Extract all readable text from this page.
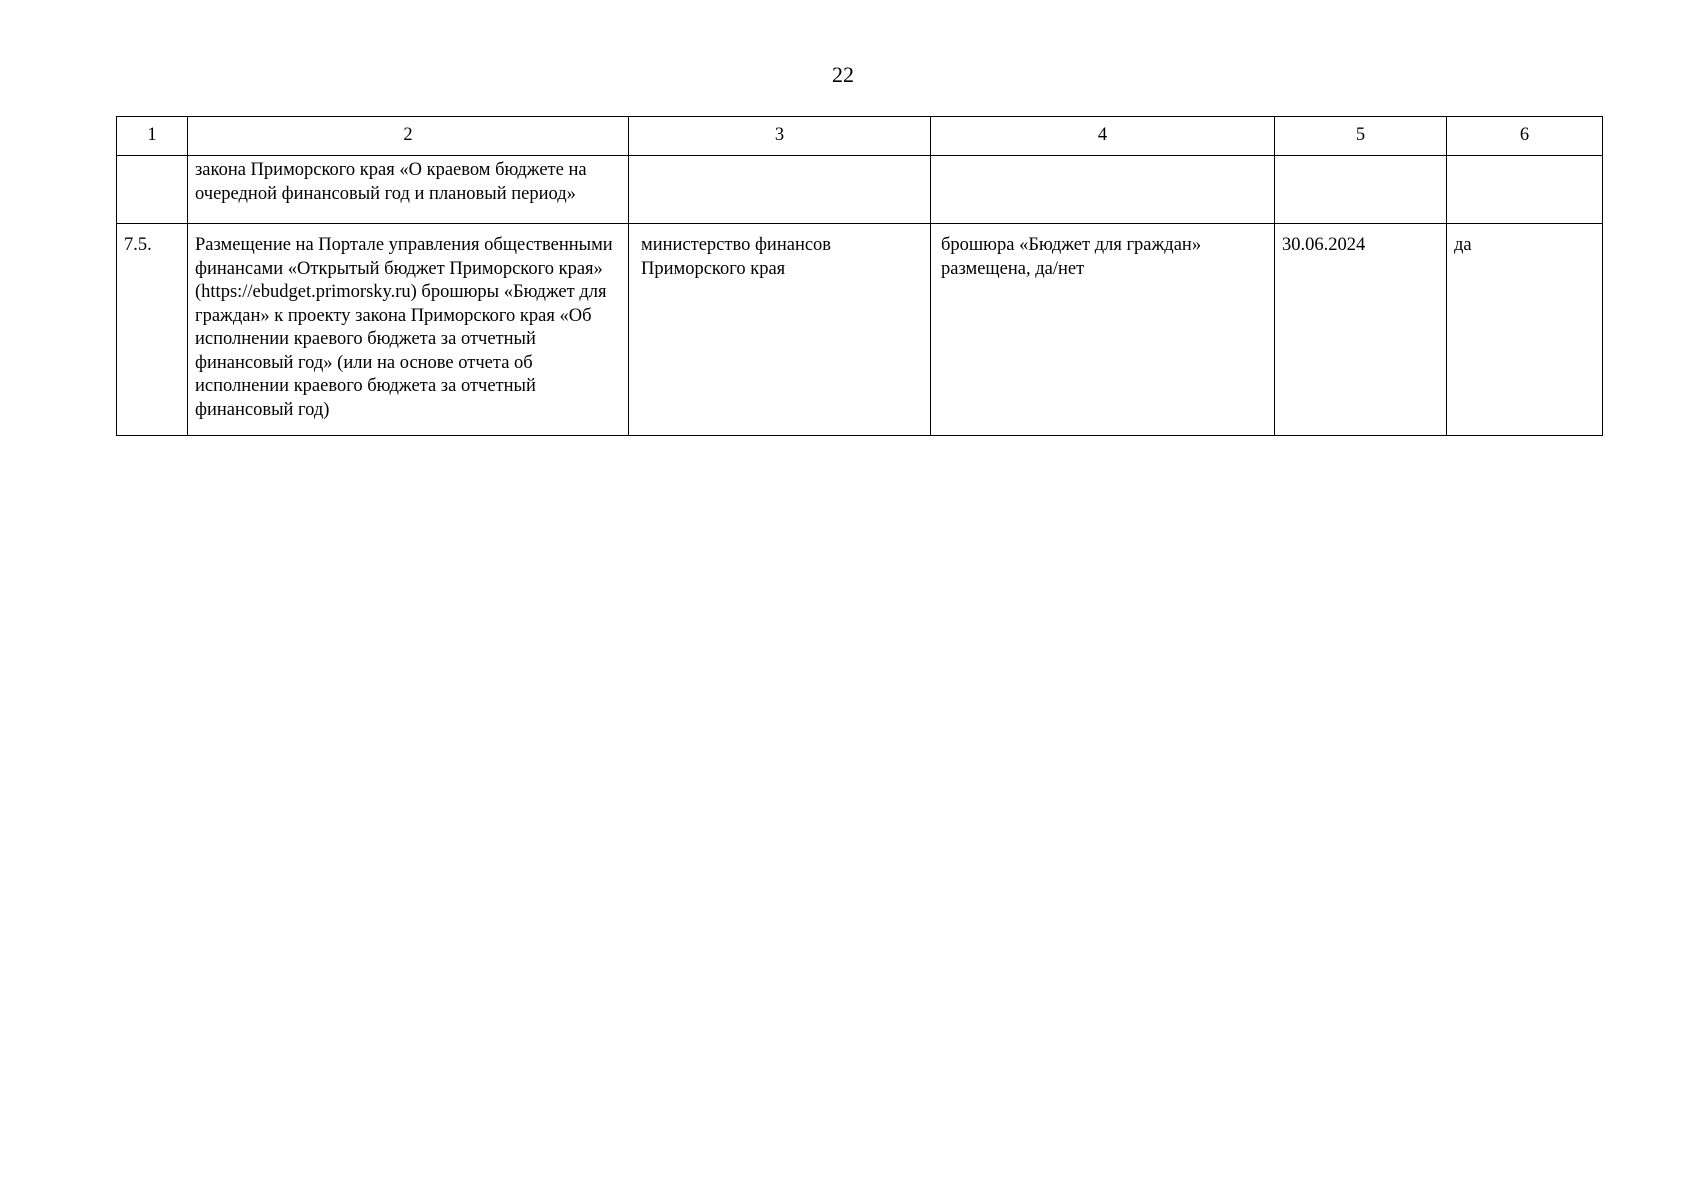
22
1	2	3	4	5	6
	закона Приморского края «О краевом бюджете на очередной финансовый год и плановый период»				
7.5.	Размещение на Портале управления общественными финансами «Открытый бюджет Приморского края» (https://ebudget.primorsky.ru) брошюры «Бюджет для граждан» к проекту закона Приморского края «Об исполнении краевого бюджета за отчетный финансовый год» (или на основе отчета об исполнении краевого бюджета за отчетный финансовый год)	министерство финансов Приморского края	брошюра «Бюджет для граждан» размещена, да/нет	30.06.2024	да
